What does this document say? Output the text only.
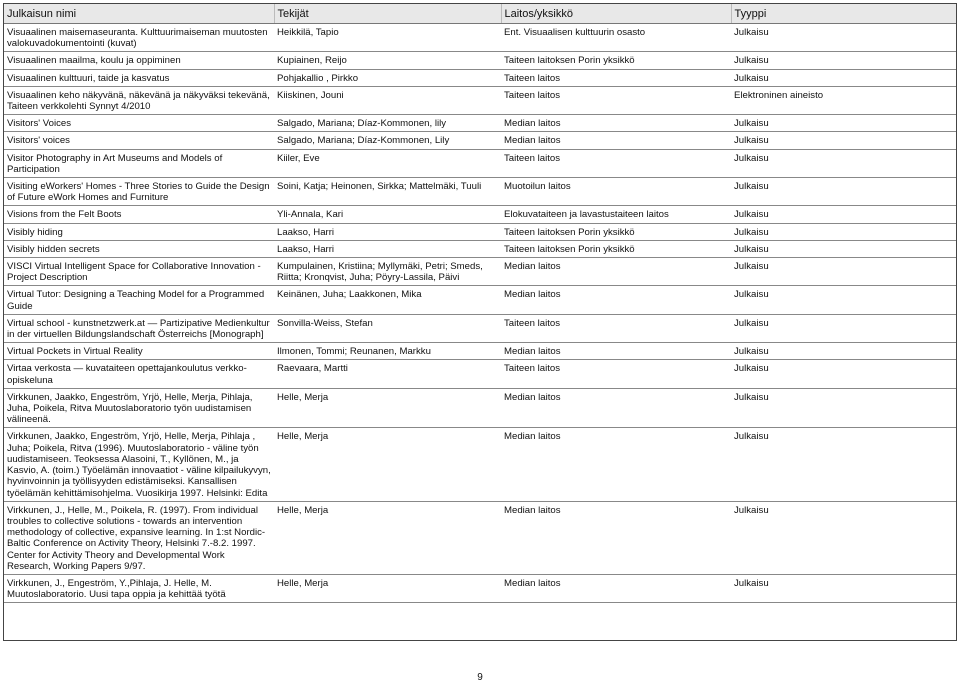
Julkaisun nimi	Tekijät	Laitos/yksikkö	Tyyppi
Visuaalinen maisemaseuranta. Kulttuurimaiseman muutosten valokuvadokumentointi (kuvat)	Heikkilä, Tapio	Ent. Visuaalisen kulttuurin osasto	Julkaisu
Visuaalinen maailma, koulu ja oppiminen	Kupiainen, Reijo	Taiteen laitoksen Porin yksikkö	Julkaisu
Visuaalinen kulttuuri, taide ja kasvatus	Pohjakallio , Pirkko	Taiteen laitos	Julkaisu
Visuaalinen keho näkyvänä, näkevänä ja näkyväksi tekevänä, Taiteen verkkolehti Synnyt 4/2010	Kiiskinen, Jouni	Taiteen laitos	Elektroninen aineisto
Visitors' Voices	Salgado, Mariana; Díaz-Kommonen, lily	Median laitos	Julkaisu
Visitors' voices	Salgado, Mariana; Díaz-Kommonen, Lily	Median laitos	Julkaisu
Visitor Photography in Art Museums and Models of Participation	Kiiler, Eve	Taiteen laitos	Julkaisu
Visiting eWorkers' Homes - Three Stories to Guide the Design of Future eWork Homes and Furniture	Soini, Katja; Heinonen, Sirkka; Mattelmäki, Tuuli	Muotoilun laitos	Julkaisu
Visions from the Felt Boots	Yli-Annala, Kari	Elokuvataiteen ja lavastustaiteen laitos	Julkaisu
Visibly hiding	Laakso, Harri	Taiteen laitoksen Porin yksikkö	Julkaisu
Visibly hidden secrets	Laakso, Harri	Taiteen laitoksen Porin yksikkö	Julkaisu
VISCI Virtual Intelligent Space for Collaborative Innovation - Project Description	Kumpulainen, Kristiina; Myllymäki, Petri; Smeds, Riitta; Kronqvist, Juha; Pöyry-Lassila, Päivi	Median laitos	Julkaisu
Virtual Tutor: Designing a Teaching Model for a Programmed Guide	Keinänen, Juha; Laakkonen, Mika	Median laitos	Julkaisu
Virtual school - kunstnetzwerk.at — Partizipative Medienkultur in der virtuellen Bildungslandschaft Österreichs [Monograph]	Sonvilla-Weiss, Stefan	Taiteen laitos	Julkaisu
Virtual Pockets in Virtual Reality	Ilmonen, Tommi; Reunanen, Markku	Median laitos	Julkaisu
Virtaa verkosta — kuvataiteen opettajankoulutus verkko-opiskeluna	Raevaara, Martti	Taiteen laitos	Julkaisu
Virkkunen, Jaakko, Engeström, Yrjö, Helle, Merja, Pihlaja, Juha, Poikela, Ritva Muutoslaboratorio työn uudistamisen välineenä.	Helle, Merja	Median laitos	Julkaisu
Virkkunen, Jaakko, Engeström, Yrjö, Helle, Merja, Pihlaja , Juha; Poikela, Ritva (1996). Muutoslaboratorio - väline työn uudistamiseen. Teoksessa Alasoini, T., Kyllönen, M., ja Kasvio, A. (toim.) Työelämän innovaatiot - väline kilpailukyvyn, hyvinvoinnin ja työllisyyden edistämiseksi. Kansallisen työelämän kehittämisohjelma. Vuosikirja 1997. Helsinki: Edita	Helle, Merja	Median laitos	Julkaisu
Virkkunen, J., Helle, M., Poikela, R. (1997). From individual troubles to collective solutions - towards an intervention methodology of collective, expansive learning. In 1:st Nordic-Baltic Conference on Activity Theory, Helsinki 7.-8.2. 1997. Center for Activity Theory and Developmental Work Research, Working Papers 9/97.	Helle, Merja	Median laitos	Julkaisu
Virkkunen, J., Engeström, Y.,Pihlaja, J. Helle, M. Muutoslaboratorio. Uusi tapa oppia ja kehittää työtä	Helle, Merja	Median laitos	Julkaisu
9
